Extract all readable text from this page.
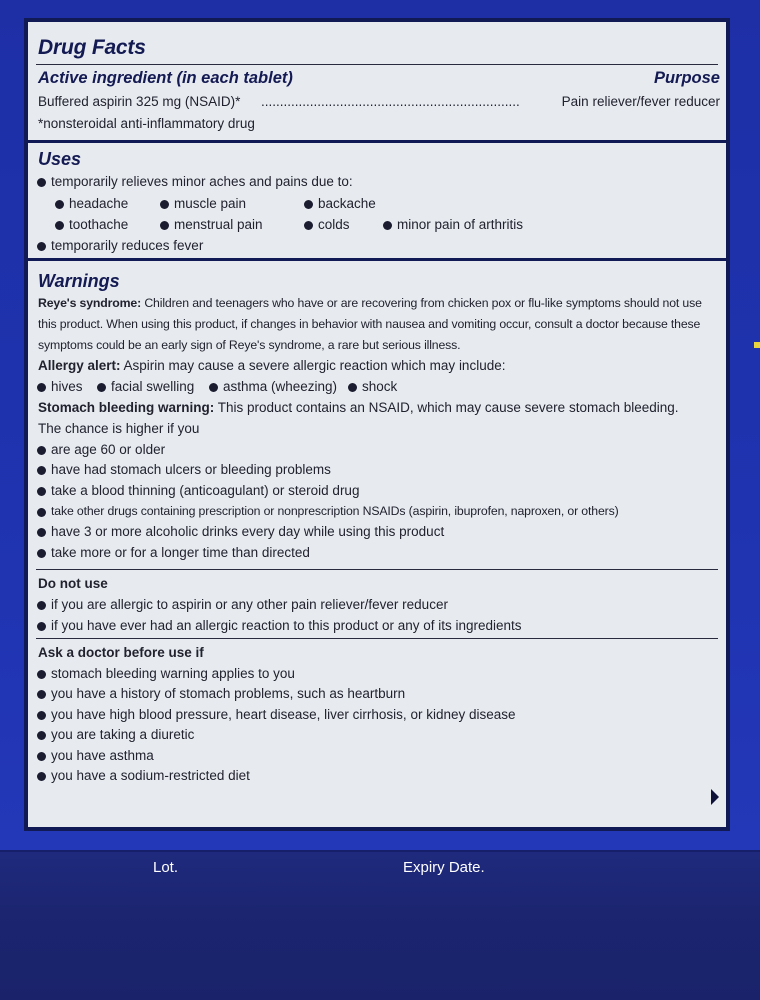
Drug Facts
Active ingredient (in each tablet)	Purpose
Buffered aspirin 325 mg (NSAID)* .....................................................................	Pain reliever/fever reducer
*nonsteroidal anti-inflammatory drug
Uses
temporarily relieves minor aches and pains due to:
headache	muscle pain	backache
toothache	menstrual pain	colds	minor pain of arthritis
temporarily reduces fever
Warnings
Reye's syndrome: Children and teenagers who have or are recovering from chicken pox or flu-like symptoms should not use
this product. When using this product, if changes in behavior with nausea and vomiting occur, consult a doctor because these
symptoms could be an early sign of Reye's syndrome, a rare but serious illness.
Allergy alert: Aspirin may cause a severe allergic reaction which may include:
hives facial swelling asthma (wheezing) shock
Stomach bleeding warning: This product contains an NSAID, which may cause severe stomach bleeding.
The chance is higher if you
are age 60 or older
have had stomach ulcers or bleeding problems
take a blood thinning (anticoagulant) or steroid drug
take other drugs containing prescription or nonprescription NSAIDs (aspirin, ibuprofen, naproxen, or others)
have 3 or more alcoholic drinks every day while using this product
take more or for a longer time than directed
Do not use
if you are allergic to aspirin or any other pain reliever/fever reducer
if you have ever had an allergic reaction to this product or any of its ingredients
Ask a doctor before use if
stomach bleeding warning applies to you
you have a history of stomach problems, such as heartburn
you have high blood pressure, heart disease, liver cirrhosis, or kidney disease
you are taking a diuretic
you have asthma
you have a sodium-restricted diet
Lot.	Expiry Date.
